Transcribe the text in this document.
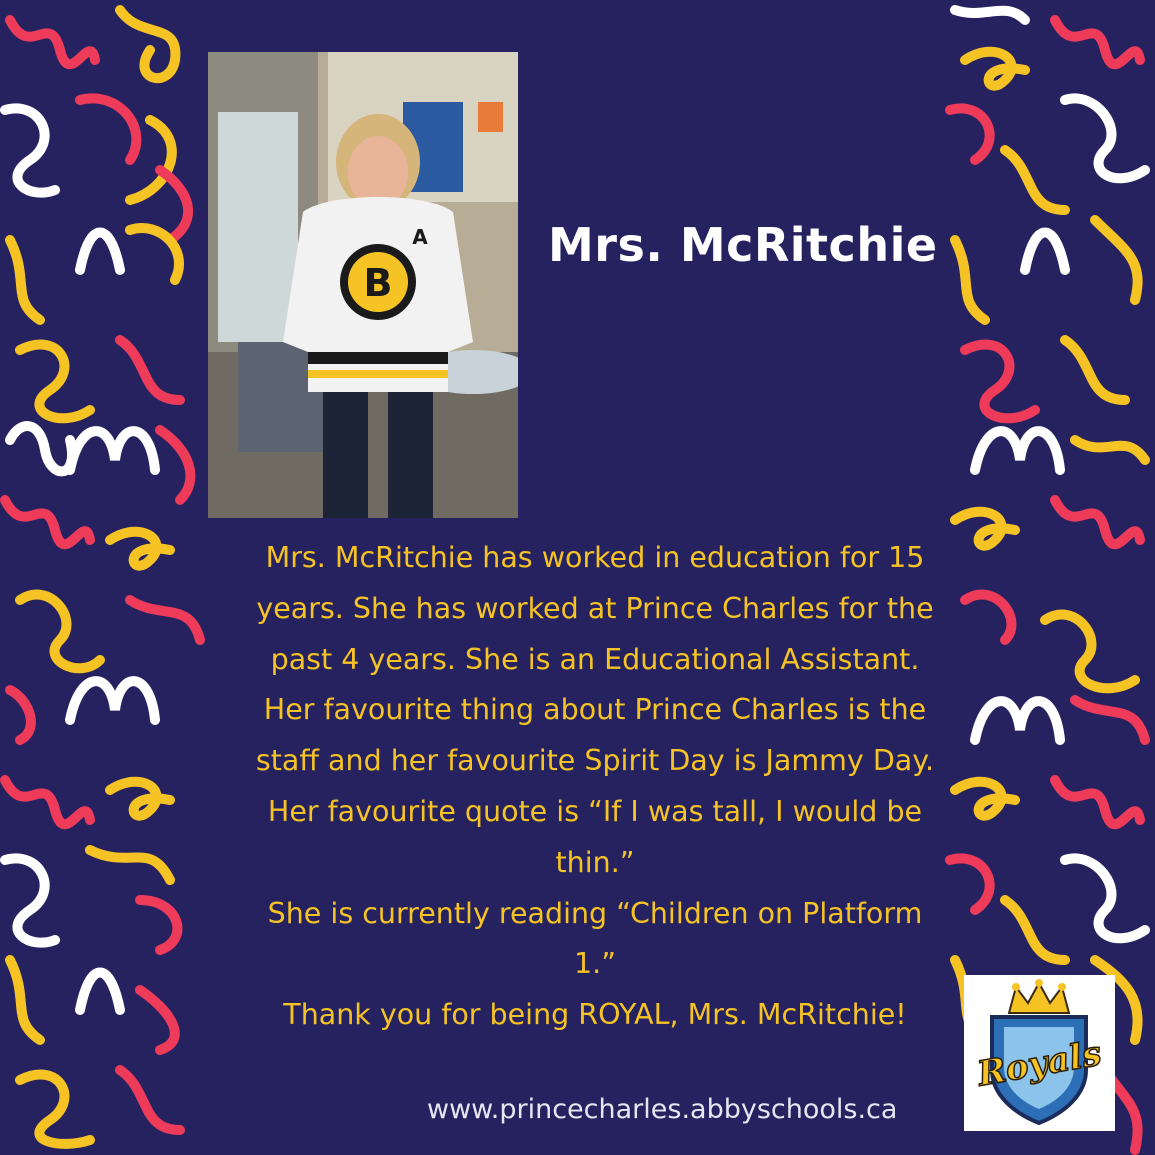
B
A	Mrs. McRitchie
Mrs. McRitchie has worked in education for 15
years. She has worked at Prince Charles for the
past 4 years. She is an Educational Assistant.
Her favourite thing about Prince Charles is the
staff and her favourite Spirit Day is Jammy Day.
Her favourite quote is “If I was tall, I would be
thin.”
She is currently reading “Children on Platform
1.”
Thank you for being ROYAL, Mrs. McRitchie!
www.princecharles.abbyschools.ca
Royals
